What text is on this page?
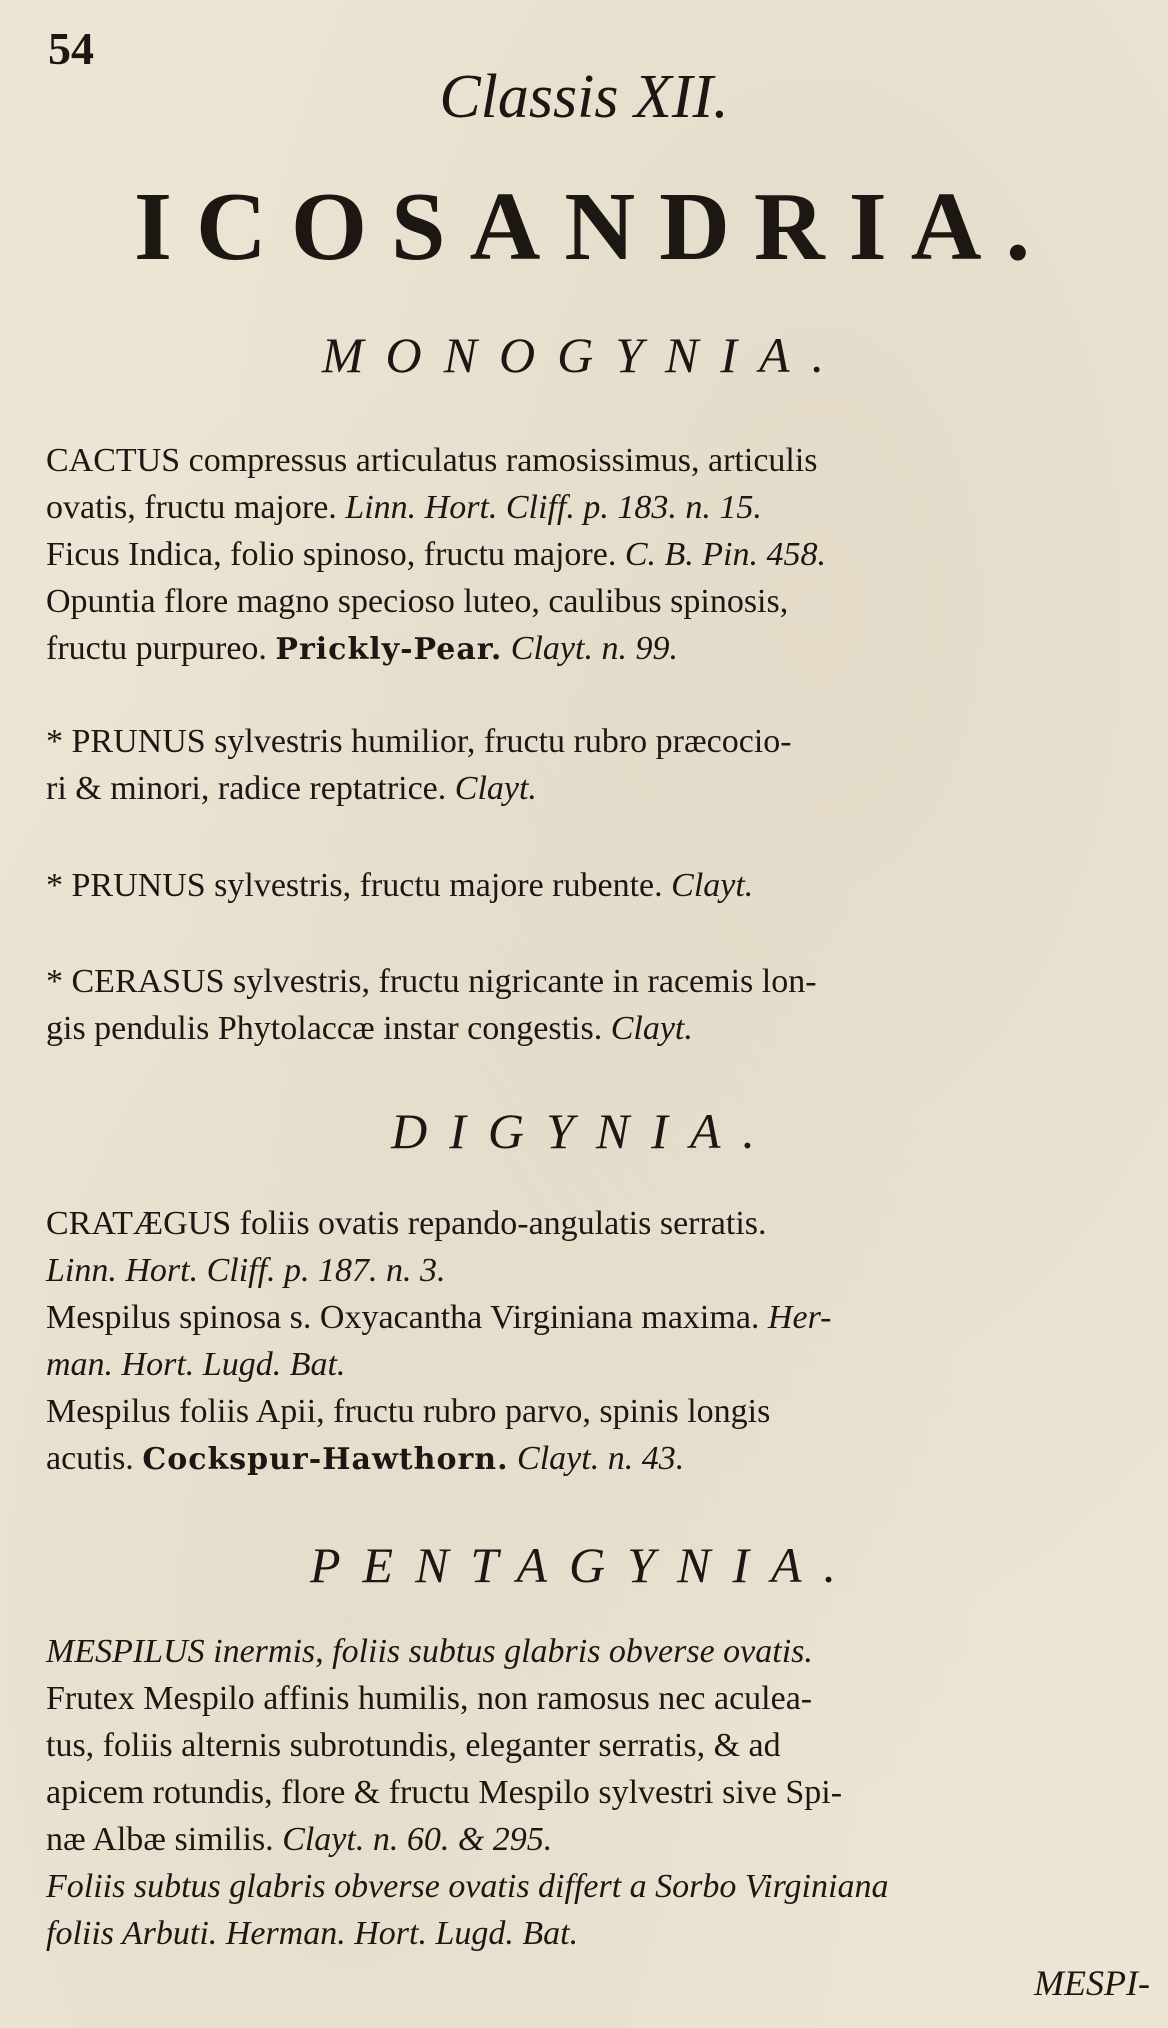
54
Classis XII.
ICOSANDRIA.
MONOGYNIA.
CACTUS compressus articulatus ramosissimus, articulis
ovatis, fructu majore. Linn. Hort. Cliff. p. 183. n. 15.
Ficus Indica, folio spinoso, fructu majore. C. B. Pin. 458.
Opuntia flore magno specioso luteo, caulibus spinosis,
fructu purpureo. Prickly-Pear. Clayt. n. 99.
* PRUNUS sylvestris humilior, fructu rubro præcocio-
ri & minori, radice reptatrice. Clayt.
* PRUNUS sylvestris, fructu majore rubente. Clayt.
* CERASUS sylvestris, fructu nigricante in racemis lon-
gis pendulis Phytolaccæ instar congestis. Clayt.
DIGYNIA.
CRATÆGUS foliis ovatis repando-angulatis serratis.
Linn. Hort. Cliff. p. 187. n. 3.
Mespilus spinosa s. Oxyacantha Virginiana maxima. Her-
man. Hort. Lugd. Bat.
Mespilus foliis Apii, fructu rubro parvo, spinis longis
acutis. Cockspur-Hawthorn. Clayt. n. 43.
PENTAGYNIA.
MESPILUS inermis, foliis subtus glabris obverse ovatis.
Frutex Mespilo affinis humilis, non ramosus nec aculea-
tus, foliis alternis subrotundis, eleganter serratis, & ad
apicem rotundis, flore & fructu Mespilo sylvestri sive Spi-
næ Albæ similis. Clayt. n. 60. & 295.
Foliis subtus glabris obverse ovatis differt a Sorbo Virginiana
foliis Arbuti. Herman. Hort. Lugd. Bat.
MESPI-
